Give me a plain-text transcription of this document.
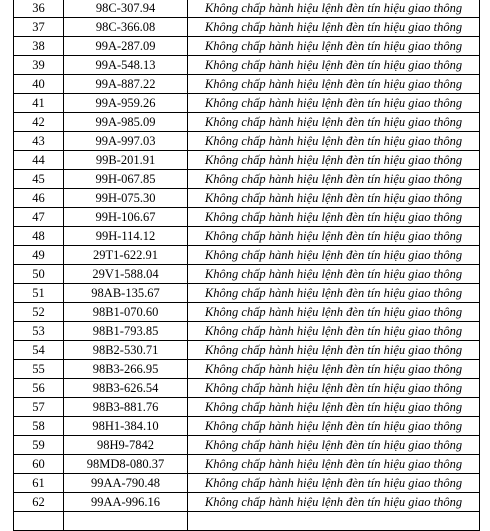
36	98C-307.94	Không chấp hành hiệu lệnh đèn tín hiệu giao thông
37	98C-366.08	Không chấp hành hiệu lệnh đèn tín hiệu giao thông
38	99A-287.09	Không chấp hành hiệu lệnh đèn tín hiệu giao thông
39	99A-548.13	Không chấp hành hiệu lệnh đèn tín hiệu giao thông
40	99A-887.22	Không chấp hành hiệu lệnh đèn tín hiệu giao thông
41	99A-959.26	Không chấp hành hiệu lệnh đèn tín hiệu giao thông
42	99A-985.09	Không chấp hành hiệu lệnh đèn tín hiệu giao thông
43	99A-997.03	Không chấp hành hiệu lệnh đèn tín hiệu giao thông
44	99B-201.91	Không chấp hành hiệu lệnh đèn tín hiệu giao thông
45	99H-067.85	Không chấp hành hiệu lệnh đèn tín hiệu giao thông
46	99H-075.30	Không chấp hành hiệu lệnh đèn tín hiệu giao thông
47	99H-106.67	Không chấp hành hiệu lệnh đèn tín hiệu giao thông
48	99H-114.12	Không chấp hành hiệu lệnh đèn tín hiệu giao thông
49	29T1-622.91	Không chấp hành hiệu lệnh đèn tín hiệu giao thông
50	29V1-588.04	Không chấp hành hiệu lệnh đèn tín hiệu giao thông
51	98AB-135.67	Không chấp hành hiệu lệnh đèn tín hiệu giao thông
52	98B1-070.60	Không chấp hành hiệu lệnh đèn tín hiệu giao thông
53	98B1-793.85	Không chấp hành hiệu lệnh đèn tín hiệu giao thông
54	98B2-530.71	Không chấp hành hiệu lệnh đèn tín hiệu giao thông
55	98B3-266.95	Không chấp hành hiệu lệnh đèn tín hiệu giao thông
56	98B3-626.54	Không chấp hành hiệu lệnh đèn tín hiệu giao thông
57	98B3-881.76	Không chấp hành hiệu lệnh đèn tín hiệu giao thông
58	98H1-384.10	Không chấp hành hiệu lệnh đèn tín hiệu giao thông
59	98H9-7842	Không chấp hành hiệu lệnh đèn tín hiệu giao thông
60	98MD8-080.37	Không chấp hành hiệu lệnh đèn tín hiệu giao thông
61	99AA-790.48	Không chấp hành hiệu lệnh đèn tín hiệu giao thông
62	99AA-996.16	Không chấp hành hiệu lệnh đèn tín hiệu giao thông
